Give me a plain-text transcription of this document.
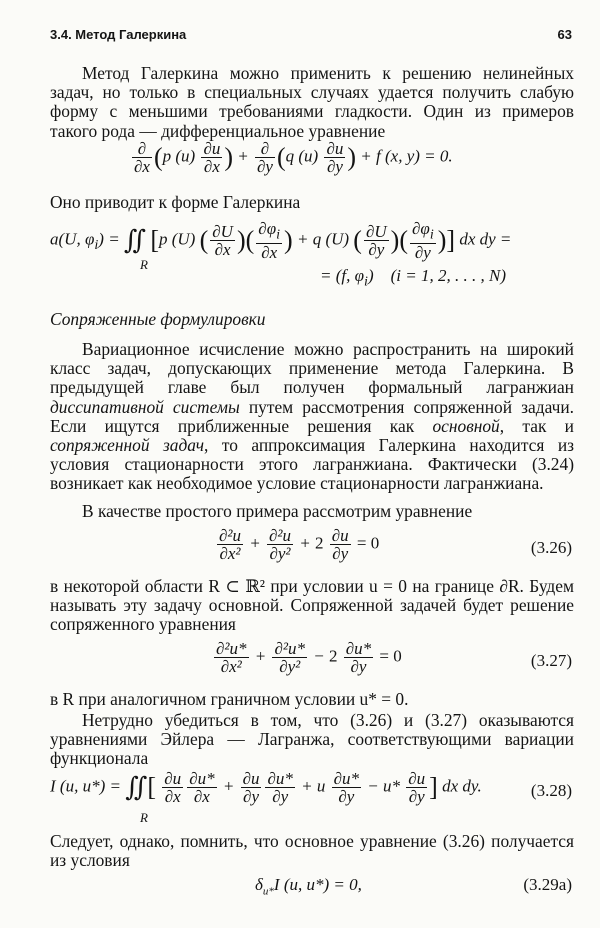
3.4. Метод Галеркина	63

Метод Галеркина можно применить к решению нелинейных задач, но только в специальных случаях удается получить слабую форму с меньшими требованиями гладкости. Один из примеров такого рода — дифференциальное уравнение

$\frac{\partial}{\partial x} (p$ $(u) \frac{\partial u}{\partial x}$ ) + $\frac{\partial}{\partial y} (q$ $(u) \frac{\partial u}{\partial y}$ ) + f (x, y) = 0.

Оно приводит к форме Галеркина

a(U, $\varphi_i$) = ∬ [p (U) ( $\frac{\partial U}{\partial x}$ )( $\frac{\partial\varphi_i}{\partial x}$ ) + q (U) ( $\frac{\partial U}{\partial y}$ )( $\frac{\partial\varphi_i}{\partial y}$ )] dx dy =
R
= (f, $\varphi_i$)    (i = 1, 2, . . . , N)
Сопряженные формулировки

Вариационное исчисление можно распространить на широкий класс задач, допускающих применение метода Галеркина. В предыдущей главе был получен формальный лагранжиан диссипативной системы путем рассмотрения сопряженной задачи. Если ищутся приближенные решения как основной, так и сопряженной задач, то аппроксимация Галеркина находится из условия стационарности этого лагранжиана. Фактически (3.24) возникает как необходимое условие стационарности лагранжиана.

В качестве простого примера рассмотрим уравнение

$\frac{\text{∂²u}}{\text{∂x²}} + \frac{\text{∂²u}}{\text{∂y²}} + 2 \frac{\partial u}{\partial y} = 0$	(3.26)

в некоторой области R ⊂ ℝ² при условии u = 0 на границе ∂R. Будем называть эту задачу основной. Сопряженной задачей будет решение сопряженного уравнения

$\frac{\text{∂²u*}}{\text{∂x²}} + \frac{\text{∂²u*}}{\text{∂y²}} - 2 \frac{\partial u*}{\partial y} = 0$	(3.27)

в R при аналогичном граничном условии u* = 0.

Нетрудно убедиться в том, что (3.26) и (3.27) оказываются уравнениями Эйлера — Лагранжа, соответствующими вариации функционала

I (u, u*) = ∬[ $\frac{\partial u}{\partial x} \frac{\partial u*}{\partial x} + \frac{\partial u}{\partial y} \frac{\partial u*}{\partial y} + u \frac{\partial u*}{\partial y} - u* \frac{\partial u}{\partial y}$ ] dx dy.
R
(3.28)

Следует, однако, помнить, что основное уравнение (3.26) получается из условия

$\delta_{u*}I$ (u, u*) = 0,	(3.29a)
